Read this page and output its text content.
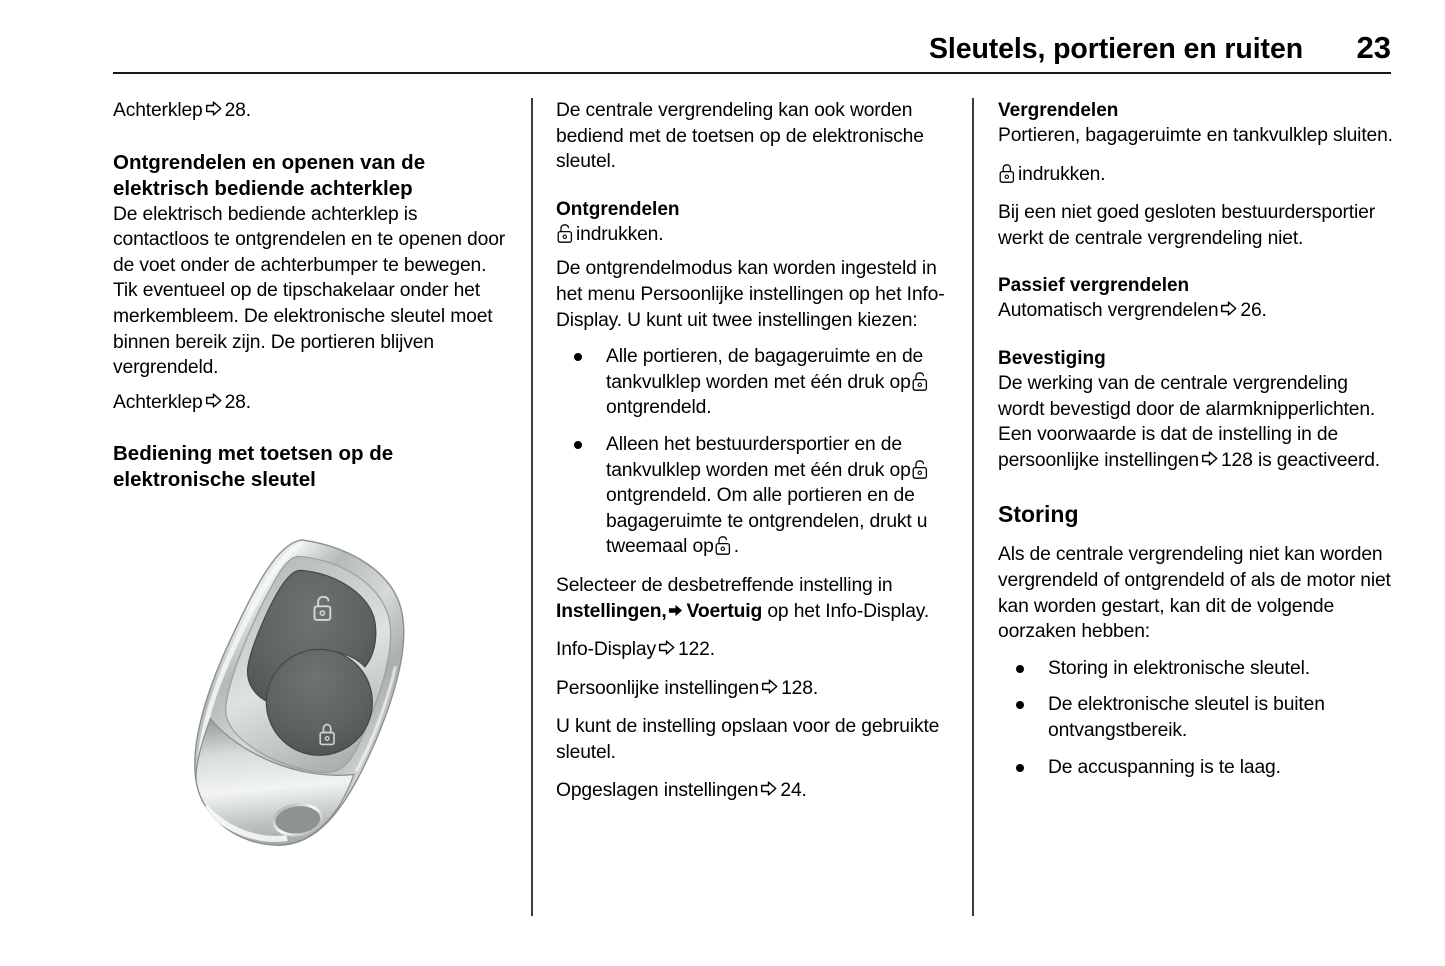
Sleutels, portieren en ruiten	23

Achterklep 28.

Ontgrendelen en openen van de elektrisch bediende achterklep

De elektrisch bediende achterklep is contactloos te ontgrendelen en te openen door de voet onder de achterbumper te bewegen. Tik eventueel op de tipschakelaar onder het merkembleem. De elektronische sleutel moet binnen bereik zijn. De portieren blijven vergrendeld.

Achterklep 28.

Bediening met toetsen op de elektronische sleutel

De centrale vergrendeling kan ook worden bediend met de toetsen op de elektronische sleutel.

Ontgrendelen

indrukken.

De ontgrendelmodus kan worden ingesteld in het menu Persoonlijke instellingen op het Info-Display. U kunt uit twee instellingen kiezen:

Alle portieren, de bagageruimte en de tankvulklep worden met één druk opontgrendeld.
Alleen het bestuurdersportier en de tankvulklep worden met één druk opontgrendeld. Om alle portieren en de bagageruimte te ontgrendelen, drukt u tweemaal op .

Selecteer de desbetreffende instelling in Instellingen, Voertuig op het Info-Display.

Info-Display 122.

Persoonlijke instellingen 128.

U kunt de instelling opslaan voor de gebruikte sleutel.

Opgeslagen instellingen 24.

Vergrendelen

Portieren, bagageruimte en tankvulklep sluiten.

indrukken.

Bij een niet goed gesloten bestuurdersportier werkt de centrale vergrendeling niet.

Passief vergrendelen

Automatisch vergrendelen 26.

Bevestiging

De werking van de centrale vergrendeling wordt bevestigd door de alarmknipperlichten. Een voorwaarde is dat de instelling in de persoonlijke instellingen 128 is geactiveerd.

Storing

Als de centrale vergrendeling niet kan worden vergrendeld of ontgrendeld of als de motor niet kan worden gestart, kan dit de volgende oorzaken hebben:

Storing in elektronische sleutel.
De elektronische sleutel is buiten ontvangstbereik.
De accuspanning is te laag.
